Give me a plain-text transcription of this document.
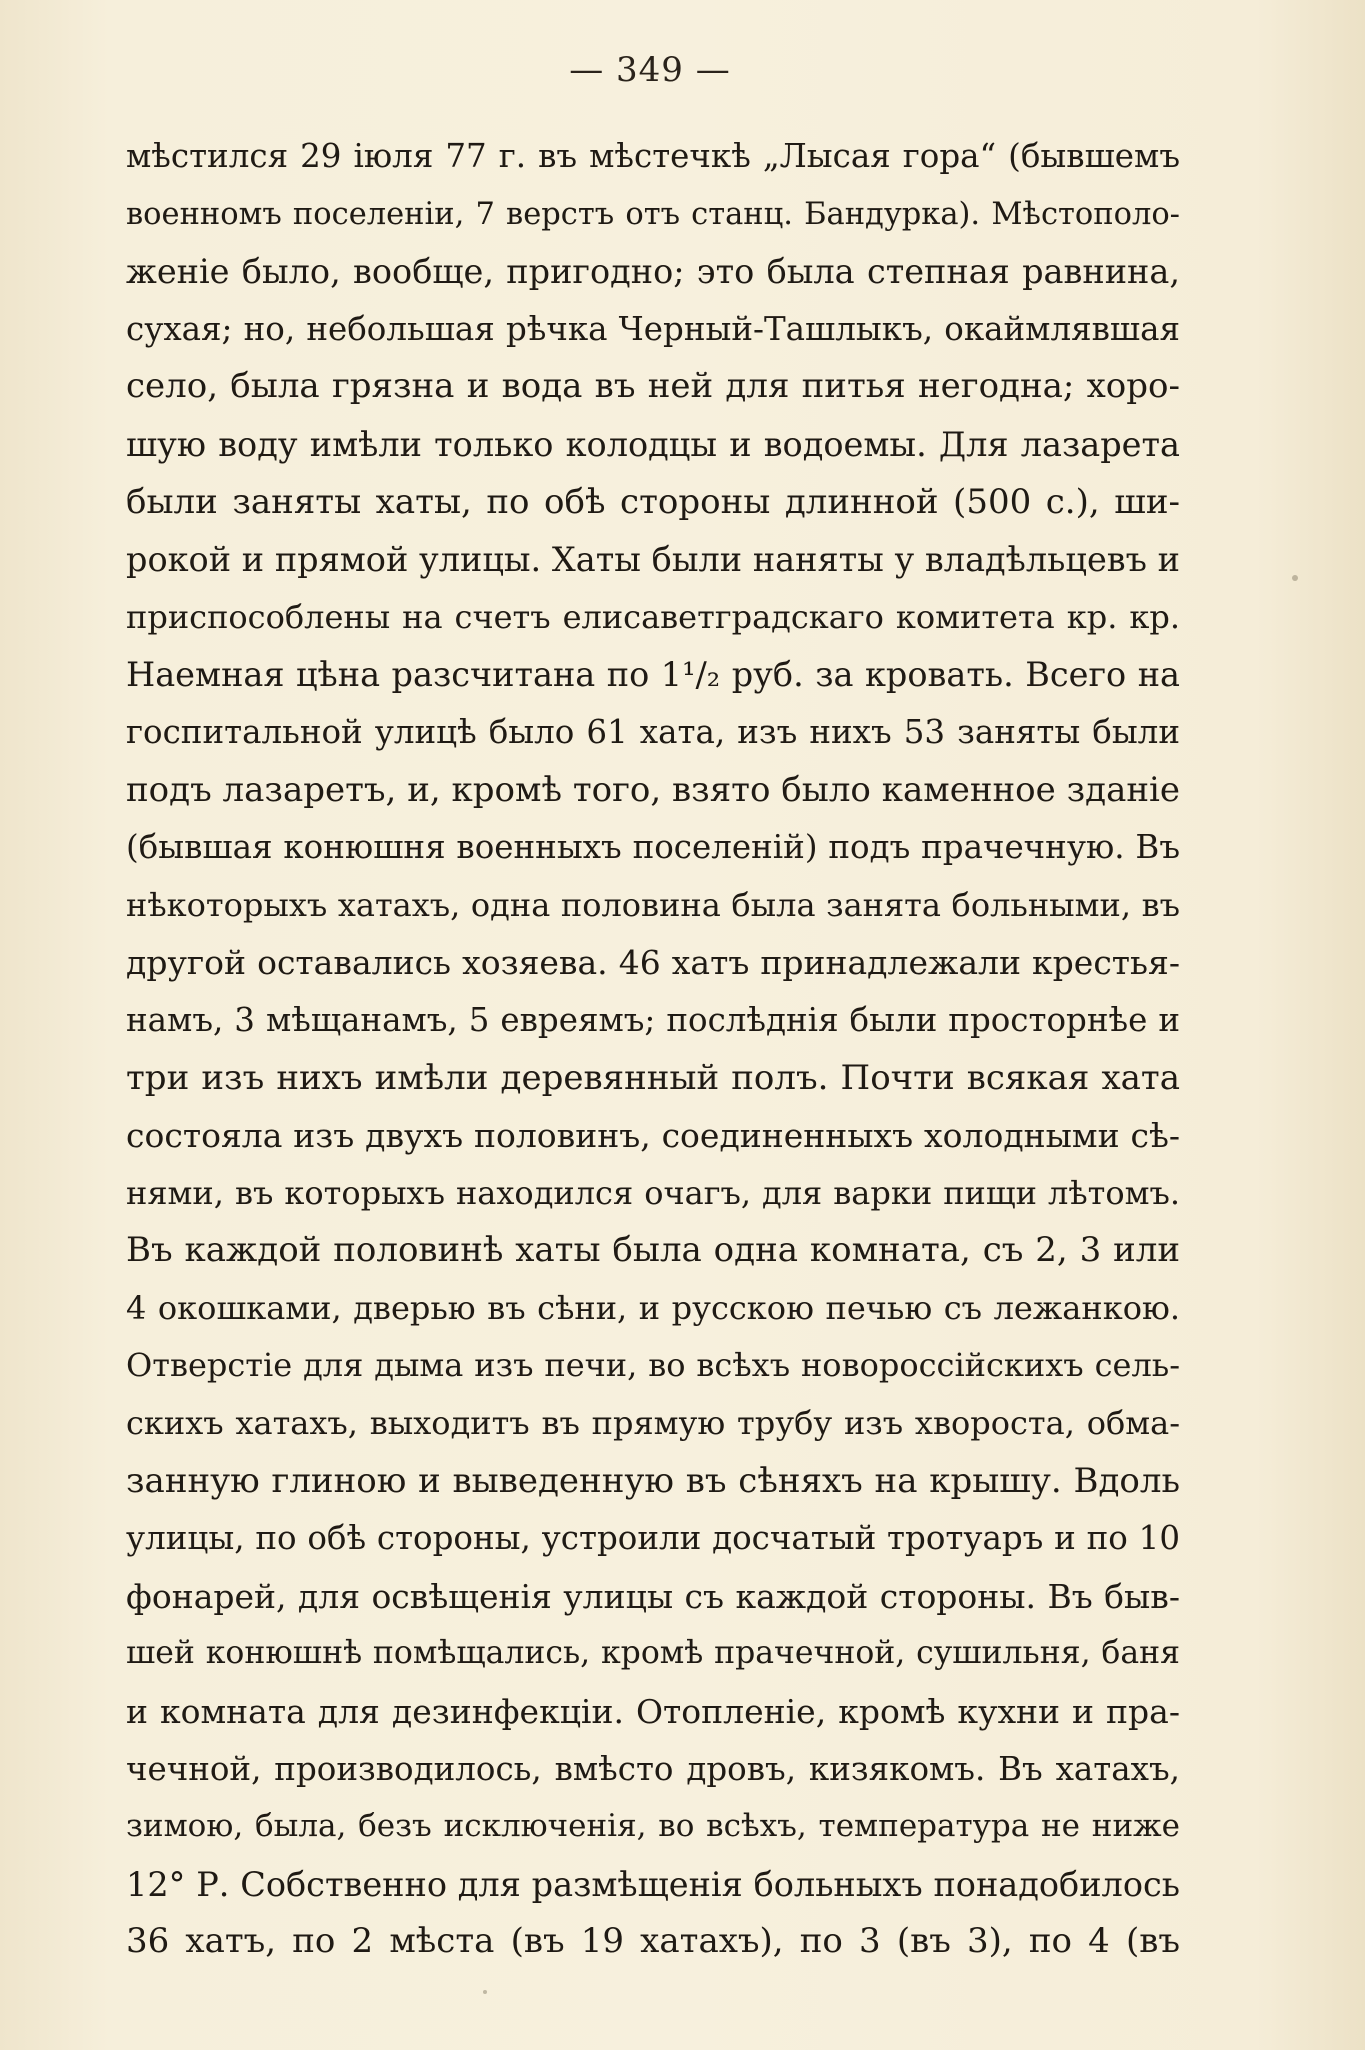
— 349 —
мѣстился 29 іюля 77 г. въ мѣстечкѣ „Лысая гора“ (бывшемъ
военномъ поселеніи, 7 верстъ отъ станц. Бандурка). Мѣстополо-
женіе было, вообще, пригодно; это была степная равнина,
сухая; но, небольшая рѣчка Черный-Ташлыкъ, окаймлявшая
село, была грязна и вода въ ней для питья негодна; хоро-
шую воду имѣли только колодцы и водоемы. Для лазарета
были заняты хаты, по обѣ стороны длинной (500 с.), ши-
рокой и прямой улицы. Хаты были наняты у владѣльцевъ и
приспособлены на счетъ елисаветградскаго комитета кр. кр.
Наемная цѣна разсчитана по 1¹/₂ руб. за кровать. Всего на
госпитальной улицѣ было 61 хата, изъ нихъ 53 заняты были
подъ лазаретъ, и, кромѣ того, взято было каменное зданіе
(бывшая конюшня военныхъ поселеній) подъ прачечную. Въ
нѣкоторыхъ хатахъ, одна половина была занята больными, въ
другой оставались хозяева. 46 хатъ принадлежали крестья-
намъ, 3 мѣщанамъ, 5 евреямъ; послѣднія были просторнѣе и
три изъ нихъ имѣли деревянный полъ. Почти всякая хата
состояла изъ двухъ половинъ, соединенныхъ холодными сѣ-
нями, въ которыхъ находился очагъ, для варки пищи лѣтомъ.
Въ каждой половинѣ хаты была одна комната, съ 2, 3 или
4 окошками, дверью въ сѣни, и русскою печью съ лежанкою.
Отверстіе для дыма изъ печи, во всѣхъ новороссійскихъ сель-
скихъ хатахъ, выходитъ въ прямую трубу изъ хвороста, обма-
занную глиною и выведенную въ сѣняхъ на крышу. Вдоль
улицы, по обѣ стороны, устроили досчатый тротуаръ и по 10
фонарей, для освѣщенія улицы съ каждой стороны. Въ быв-
шей конюшнѣ помѣщались, кромѣ прачечной, сушильня, баня
и комната для дезинфекціи. Отопленіе, кромѣ кухни и пра-
чечной, производилось, вмѣсто дровъ, кизякомъ. Въ хатахъ,
зимою, была, безъ исключенія, во всѣхъ, температура не ниже
12° Р. Собственно для размѣщенія больныхъ понадобилось
36 хатъ, по 2 мѣста (въ 19 хатахъ), по 3 (въ 3), по 4 (въ
